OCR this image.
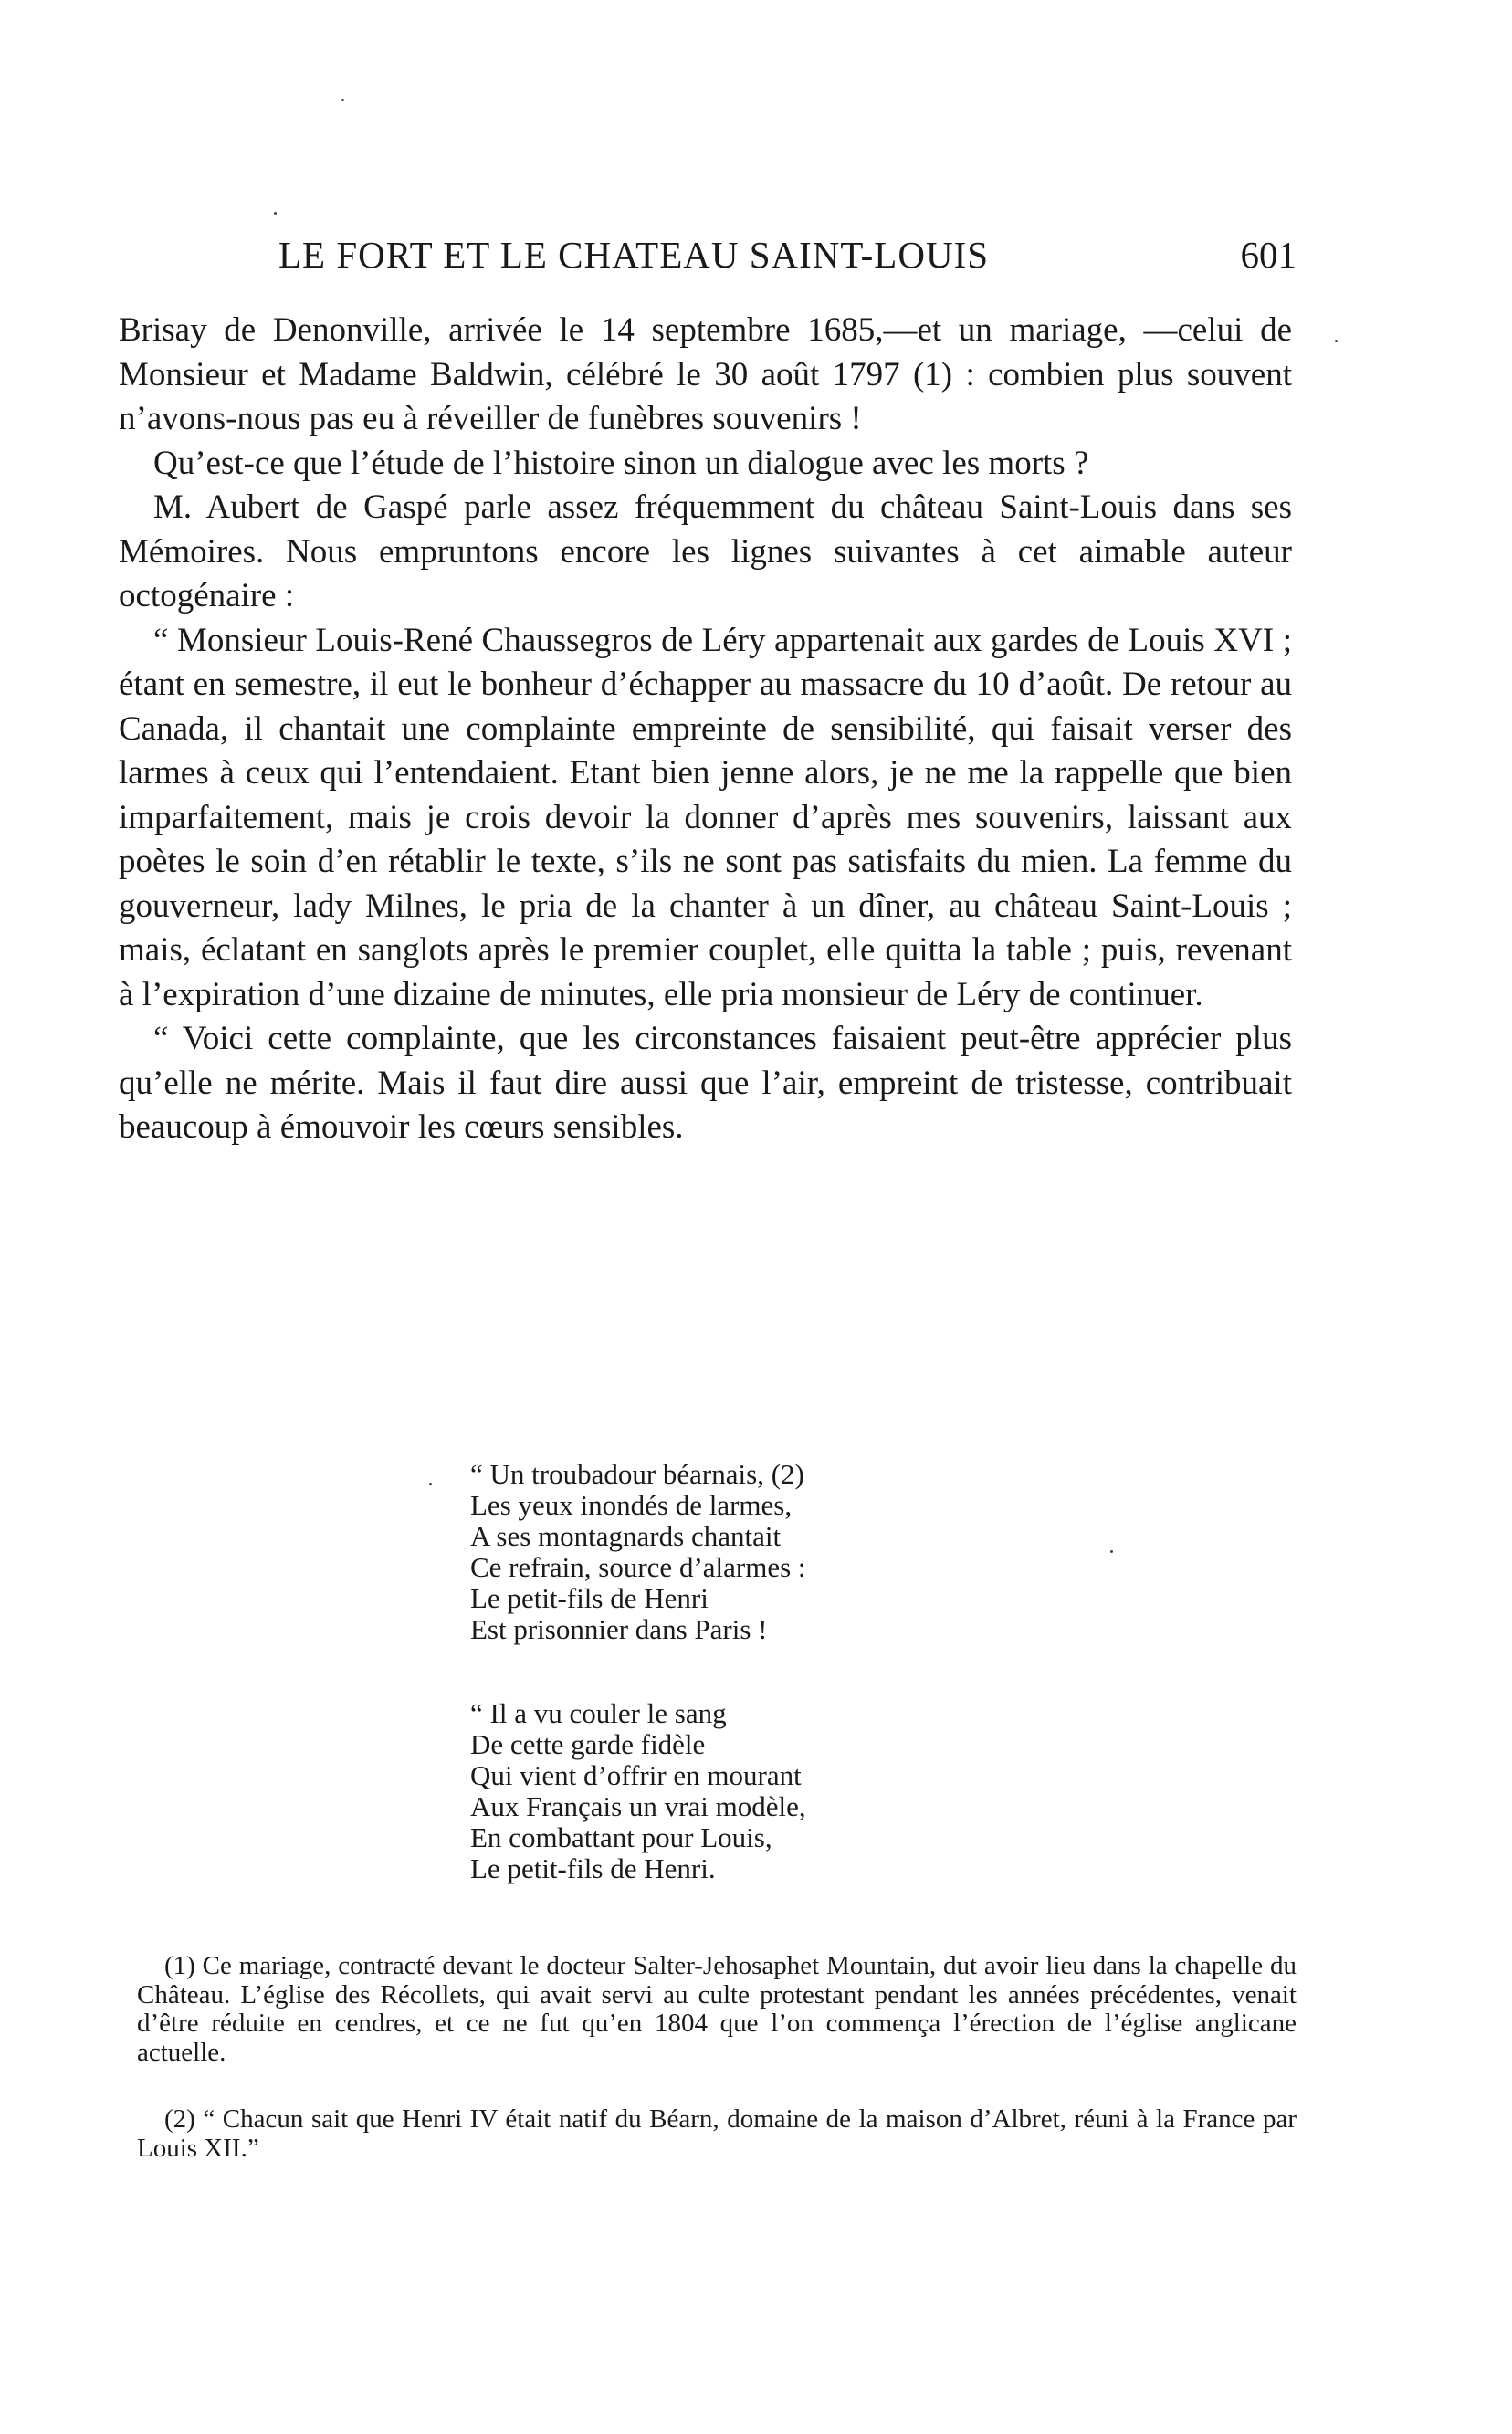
LE FORT ET LE CHATEAU SAINT-LOUIS	601

Brisay de Denonville, arrivée le 14 septembre 1685,—et un mariage, —celui de Monsieur et Madame Baldwin, célébré le 30 août 1797 (1) : combien plus souvent n’avons-nous pas eu à réveiller de funèbres souvenirs !

Qu’est-ce que l’étude de l’histoire sinon un dialogue avec les morts ?

M. Aubert de Gaspé parle assez fréquemment du château Saint-Louis dans ses Mémoires. Nous empruntons encore les lignes suivantes à cet aimable auteur octogénaire :

“ Monsieur Louis-René Chaussegros de Léry appartenait aux gardes de Louis XVI ; étant en semestre, il eut le bonheur d’échapper au massacre du 10 d’août. De retour au Canada, il chantait une complainte empreinte de sensibilité, qui faisait verser des larmes à ceux qui l’entendaient. Etant bien jenne alors, je ne me la rappelle que bien imparfaitement, mais je crois devoir la donner d’après mes souvenirs, laissant aux poètes le soin d’en rétablir le texte, s’ils ne sont pas satisfaits du mien. La femme du gouverneur, lady Milnes, le pria de la chanter à un dîner, au château Saint-Louis ; mais, éclatant en sanglots après le premier couplet, elle quitta la table ; puis, revenant à l’expiration d’une dizaine de minutes, elle pria monsieur de Léry de continuer.

“ Voici cette complainte, que les circonstances faisaient peut-être apprécier plus qu’elle ne mérite. Mais il faut dire aussi que l’air, empreint de tristesse, contribuait beaucoup à émouvoir les cœurs sensibles.

“ Un troubadour béarnais, (2)
Les yeux inondés de larmes,
A ses montagnards chantait
Ce refrain, source d’alarmes :
Le petit-fils de Henri
Est prisonnier dans Paris !
“ Il a vu couler le sang
De cette garde fidèle
Qui vient d’offrir en mourant
Aux Français un vrai modèle,
En combattant pour Louis,
Le petit-fils de Henri.

(1) Ce mariage, contracté devant le docteur Salter-Jehosaphet Mountain, dut avoir lieu dans la chapelle du Château. L’église des Récollets, qui avait servi au culte protestant pendant les années précédentes, venait d’être réduite en cendres, et ce ne fut qu’en 1804 que l’on commença l’érection de l’église anglicane actuelle.

(2) “ Chacun sait que Henri IV était natif du Béarn, domaine de la maison d’Albret, réuni à la France par Louis XII.”
